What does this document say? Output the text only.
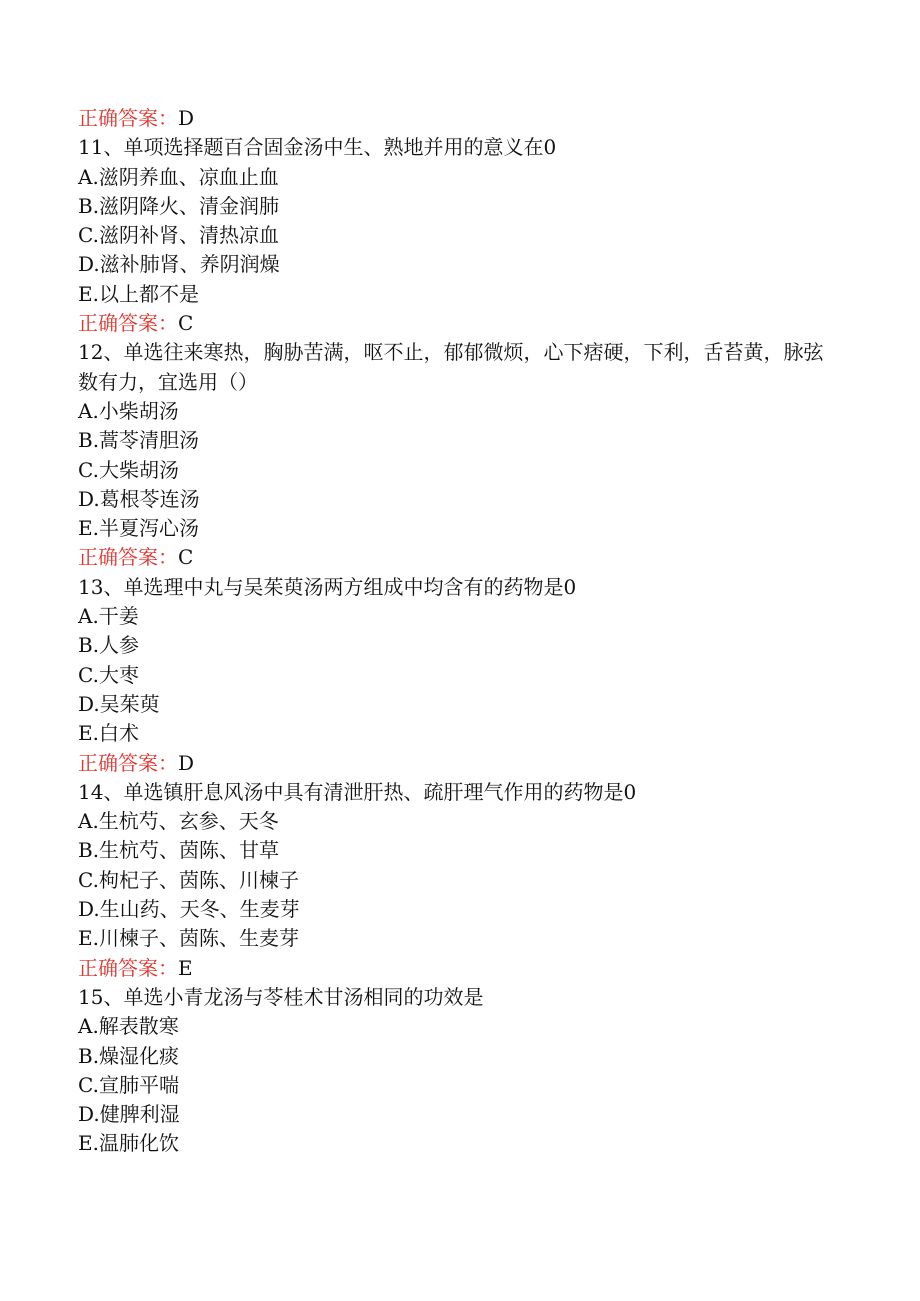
正确答案：D
11、单项选择题百合固金汤中生、熟地并用的意义在0
A.滋阴养血、凉血止血
B.滋阴降火、清金润肺
C.滋阴补肾、清热凉血
D.滋补肺肾、养阴润燥
E.以上都不是
正确答案：C
12、单选往来寒热，胸胁苦满，呕不止，郁郁微烦，心下痞硬，下利，舌苔黄，脉弦数有力，宜选用（）
A.小柴胡汤
B.蒿苓清胆汤
C.大柴胡汤
D.葛根苓连汤
E.半夏泻心汤
正确答案：C
13、单选理中丸与吴茱萸汤两方组成中均含有的药物是0
A.干姜
B.人参
C.大枣
D.吴茱萸
E.白术
正确答案：D
14、单选镇肝息风汤中具有清泄肝热、疏肝理气作用的药物是0
A.生杭芍、玄参、天冬
B.生杭芍、茵陈、甘草
C.枸杞子、茵陈、川楝子
D.生山药、天冬、生麦芽
E.川楝子、茵陈、生麦芽
正确答案：E
15、单选小青龙汤与苓桂术甘汤相同的功效是
A.解表散寒
B.燥湿化痰
C.宣肺平喘
D.健脾利湿
E.温肺化饮
